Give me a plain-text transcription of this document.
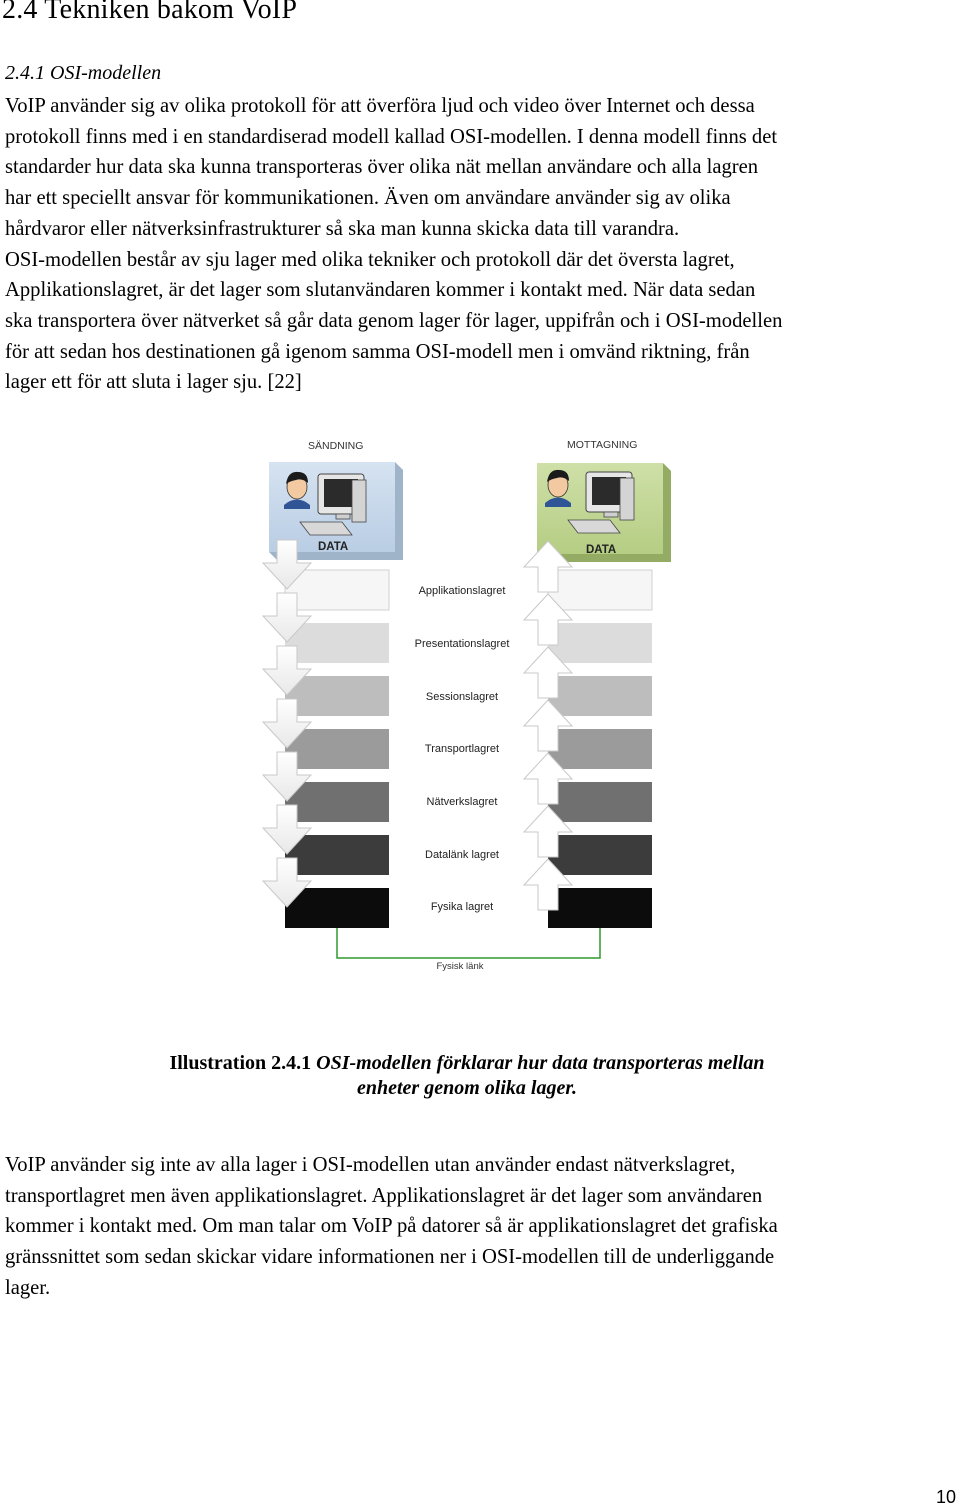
2.4 Tekniken bakom VoIP
2.4.1 OSI-modellen

VoIP använder sig av olika protokoll för att överföra ljud och video över Internet och dessa
protokoll finns med i en standardiserad modell kallad OSI-modellen. I denna modell finns det
standarder hur data ska kunna transporteras över olika nät mellan användare och alla lagren
har ett speciellt ansvar för kommunikationen. Även om användare använder sig av olika
hårdvaror eller nätverksinfrastrukturer så ska man kunna skicka data till varandra.
OSI-modellen består av sju lager med olika tekniker och protokoll där det översta lagret,
Applikationslagret, är det lager som slutanvändaren kommer i kontakt med. När data sedan
ska transportera över nätverket så går data genom lager för lager, uppifrån och i OSI-modellen
för att sedan hos destinationen gå igenom samma OSI-modell men i omvänd riktning, från
lager ett för att sluta i lager sju. [22]

SÄNDNING	MOTTAGNING
DATA	DATA
Applikationslagret
Presentationslagret
Sessionslagret
Transportlagret
Nätverkslagret
Datalänk lagret
Fysika lagret
Fysisk länk
Illustration 2.4.1 OSI-modellen förklarar hur data transporteras mellan
enheter genom olika lager.

VoIP använder sig inte av alla lager i OSI-modellen utan använder endast nätverkslagret,
transportlagret men även applikationslagret. Applikationslagret är det lager som användaren
kommer i kontakt med. Om man talar om VoIP på datorer så är applikationslagret det grafiska
gränssnittet som sedan skickar vidare informationen ner i OSI-modellen till de underliggande
lager.

10
